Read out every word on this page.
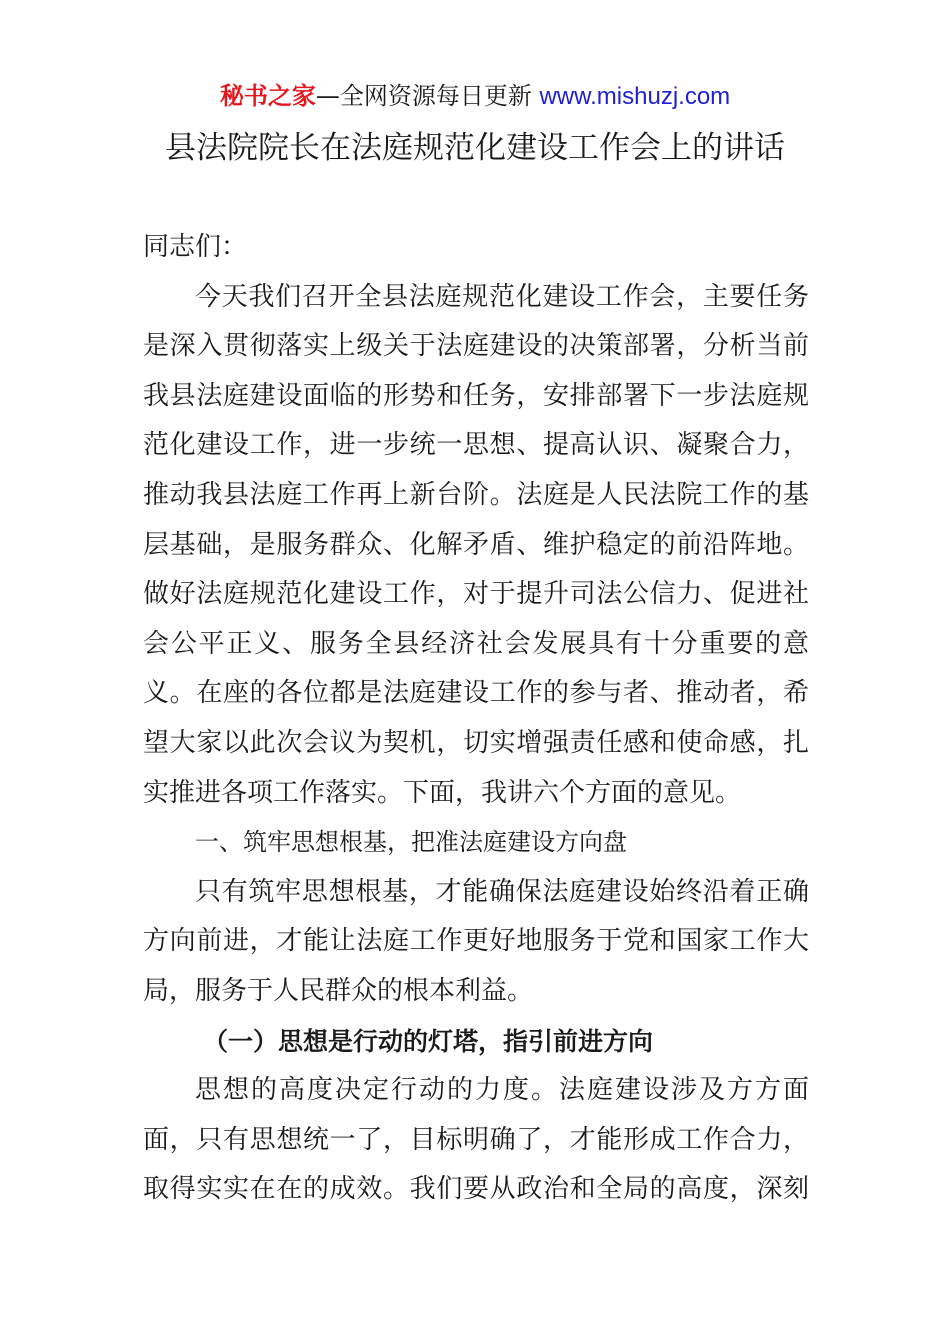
秘书之家—全网资源每日更新 www.mishuzj.com
县法院院长在法庭规范化建设工作会上的讲话
同志们：
今天我们召开全县法庭规范化建设工作会，主要任务
是深入贯彻落实上级关于法庭建设的决策部署，分析当前
我县法庭建设面临的形势和任务，安排部署下一步法庭规
范化建设工作，进一步统一思想、提高认识、凝聚合力，
推动我县法庭工作再上新台阶。法庭是人民法院工作的基
层基础，是服务群众、化解矛盾、维护稳定的前沿阵地。
做好法庭规范化建设工作，对于提升司法公信力、促进社
会公平正义、服务全县经济社会发展具有十分重要的意
义。在座的各位都是法庭建设工作的参与者、推动者，希
望大家以此次会议为契机，切实增强责任感和使命感，扎
实推进各项工作落实。下面，我讲六个方面的意见。
一、筑牢思想根基，把准法庭建设方向盘
只有筑牢思想根基，才能确保法庭建设始终沿着正确
方向前进，才能让法庭工作更好地服务于党和国家工作大
局，服务于人民群众的根本利益。
（一）思想是行动的灯塔，指引前进方向
思想的高度决定行动的力度。法庭建设涉及方方面
面，只有思想统一了，目标明确了，才能形成工作合力，
取得实实在在的成效。我们要从政治和全局的高度，深刻
